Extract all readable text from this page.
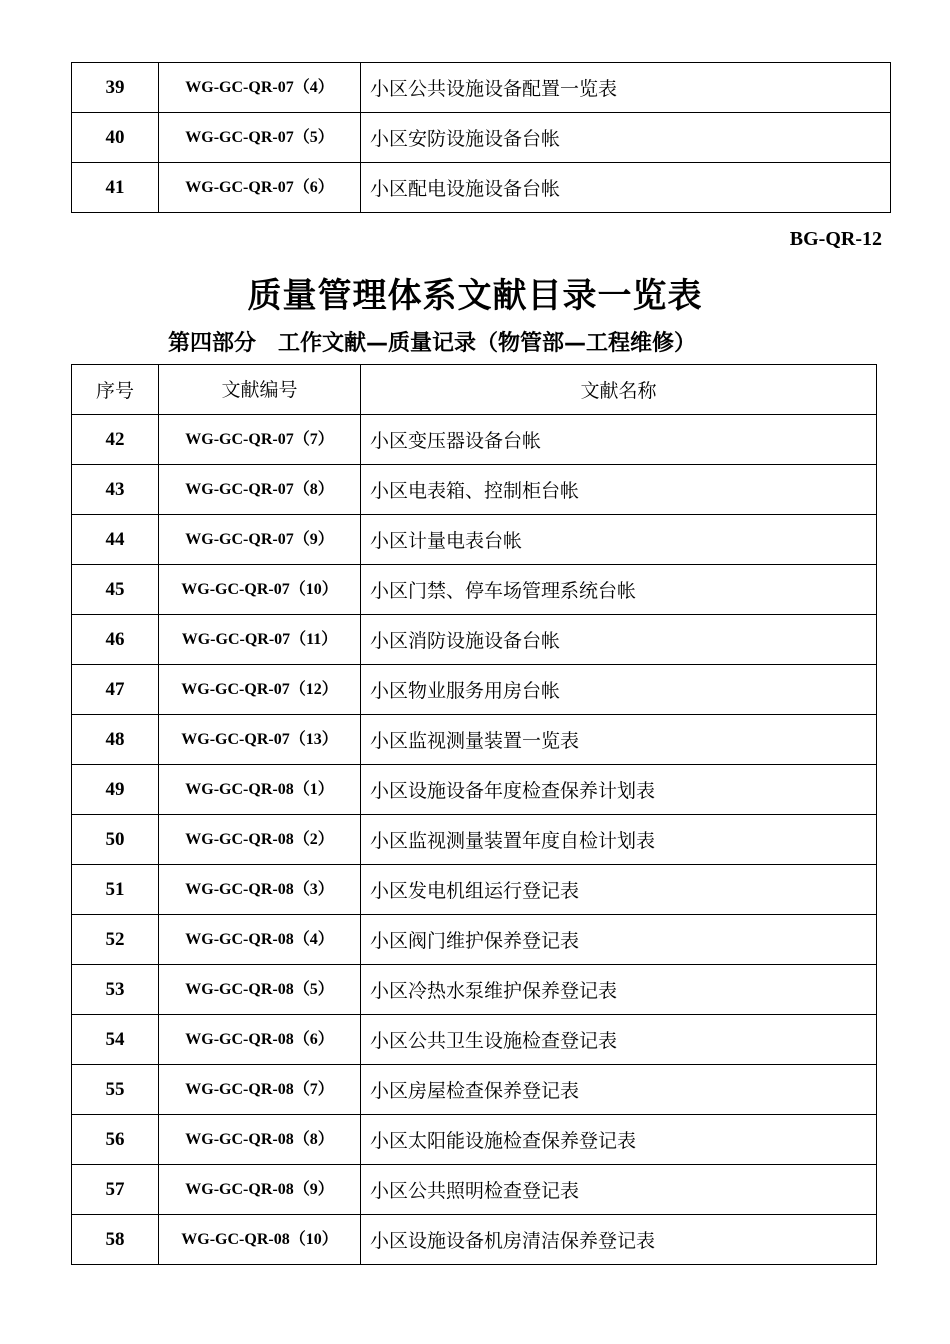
39	WG-GC-QR-07（4）	小区公共设施设备配置一览表
40	WG-GC-QR-07（5）	小区安防设施设备台帐
41	WG-GC-QR-07（6）	小区配电设施设备台帐
BG-QR-12
质量管理体系文献目录一览表
第四部分　工作文献—质量记录（物管部—工程维修）
序号	文献编号	文献名称
42	WG-GC-QR-07（7）	小区变压器设备台帐
43	WG-GC-QR-07（8）	小区电表箱、控制柜台帐
44	WG-GC-QR-07（9）	小区计量电表台帐
45	WG-GC-QR-07（10）	小区门禁、停车场管理系统台帐
46	WG-GC-QR-07（11）	小区消防设施设备台帐
47	WG-GC-QR-07（12）	小区物业服务用房台帐
48	WG-GC-QR-07（13）	小区监视测量装置一览表
49	WG-GC-QR-08（1）	小区设施设备年度检查保养计划表
50	WG-GC-QR-08（2）	小区监视测量装置年度自检计划表
51	WG-GC-QR-08（3）	小区发电机组运行登记表
52	WG-GC-QR-08（4）	小区阀门维护保养登记表
53	WG-GC-QR-08（5）	小区冷热水泵维护保养登记表
54	WG-GC-QR-08（6）	小区公共卫生设施检查登记表
55	WG-GC-QR-08（7）	小区房屋检查保养登记表
56	WG-GC-QR-08（8）	小区太阳能设施检查保养登记表
57	WG-GC-QR-08（9）	小区公共照明检查登记表
58	WG-GC-QR-08（10）	小区设施设备机房清洁保养登记表
